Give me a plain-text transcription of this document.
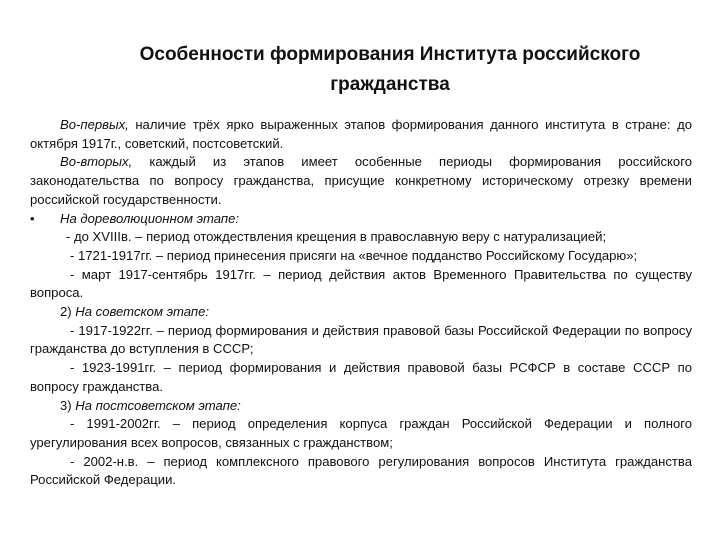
Особенности формирования Института российского
гражданства

Во-первых, наличие трёх ярко выраженных этапов формирования данного института в стране: до октября 1917г., советский, постсоветский.

Во-вторых, каждый из этапов имеет особенные периоды формирования российского законодательства по вопросу гражданства, присущие конкретному историческому отрезку времени российской государственности.

• На дореволюционном этапе:

- до XVIIIв. – период отождествления крещения в православную веру с натурализацией;

- 1721-1917гг. – период принесения присяги на «вечное подданство Российскому Государю»;

- март 1917-сентябрь 1917гг. – период действия актов Временного Правительства по существу вопроса.

2) На советском этапе:

- 1917-1922гг. – период формирования и действия правовой базы Российской Федерации по вопросу гражданства до вступления в СССР;

- 1923-1991гг. – период формирования и действия правовой базы РСФСР в составе СССР по вопросу гражданства.

3) На постсоветском этапе:

- 1991-2002гг. – период определения корпуса граждан Российской Федерации и полного урегулирования всех вопросов, связанных с гражданством;

- 2002-н.в. – период комплексного правового регулирования вопросов Института гражданства Российской Федерации.
